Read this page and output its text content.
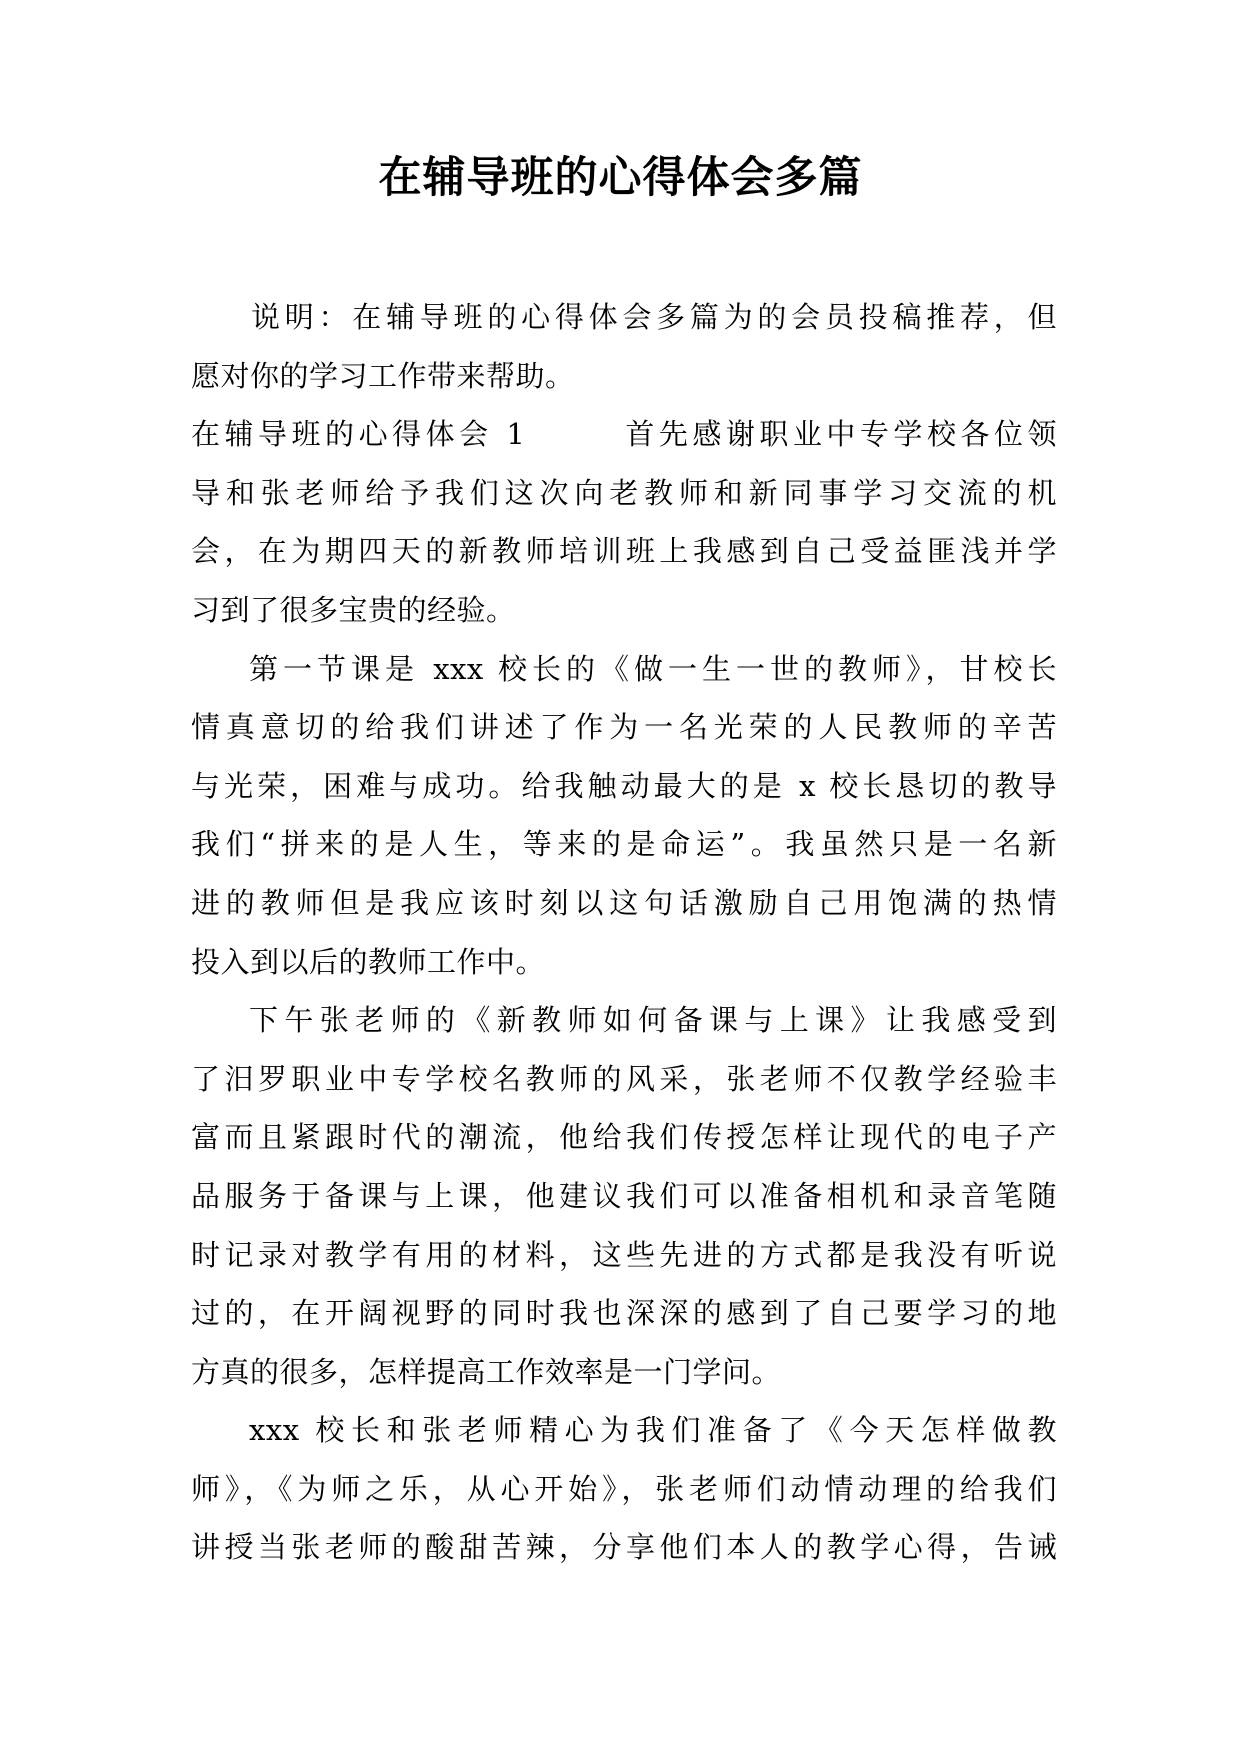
在辅导班的心得体会多篇
说明：在辅导班的心得体会多篇为的会员投稿推荐，但
愿对你的学习工作带来帮助。
在辅导班的心得体会 1	首先感谢职业中专学校各位领
导和张老师给予我们这次向老教师和新同事学习交流的机
会，在为期四天的新教师培训班上我感到自己受益匪浅并学
习到了很多宝贵的经验。
第一节课是 xxx 校长的《做一生一世的教师》，甘校长
情真意切的给我们讲述了作为一名光荣的人民教师的辛苦
与光荣，困难与成功。给我触动最大的是 x 校长恳切的教导
我们“拼来的是人生，等来的是命运”。我虽然只是一名新
进的教师但是我应该时刻以这句话激励自己用饱满的热情
投入到以后的教师工作中。
下午张老师的《新教师如何备课与上课》让我感受到
了汨罗职业中专学校名教师的风采，张老师不仅教学经验丰
富而且紧跟时代的潮流，他给我们传授怎样让现代的电子产
品服务于备课与上课，他建议我们可以准备相机和录音笔随
时记录对教学有用的材料，这些先进的方式都是我没有听说
过的，在开阔视野的同时我也深深的感到了自己要学习的地
方真的很多，怎样提高工作效率是一门学问。
xxx 校长和张老师精心为我们准备了《今天怎样做教
师》，《为师之乐，从心开始》，张老师们动情动理的给我们
讲授当张老师的酸甜苦辣，分享他们本人的教学心得，告诫
